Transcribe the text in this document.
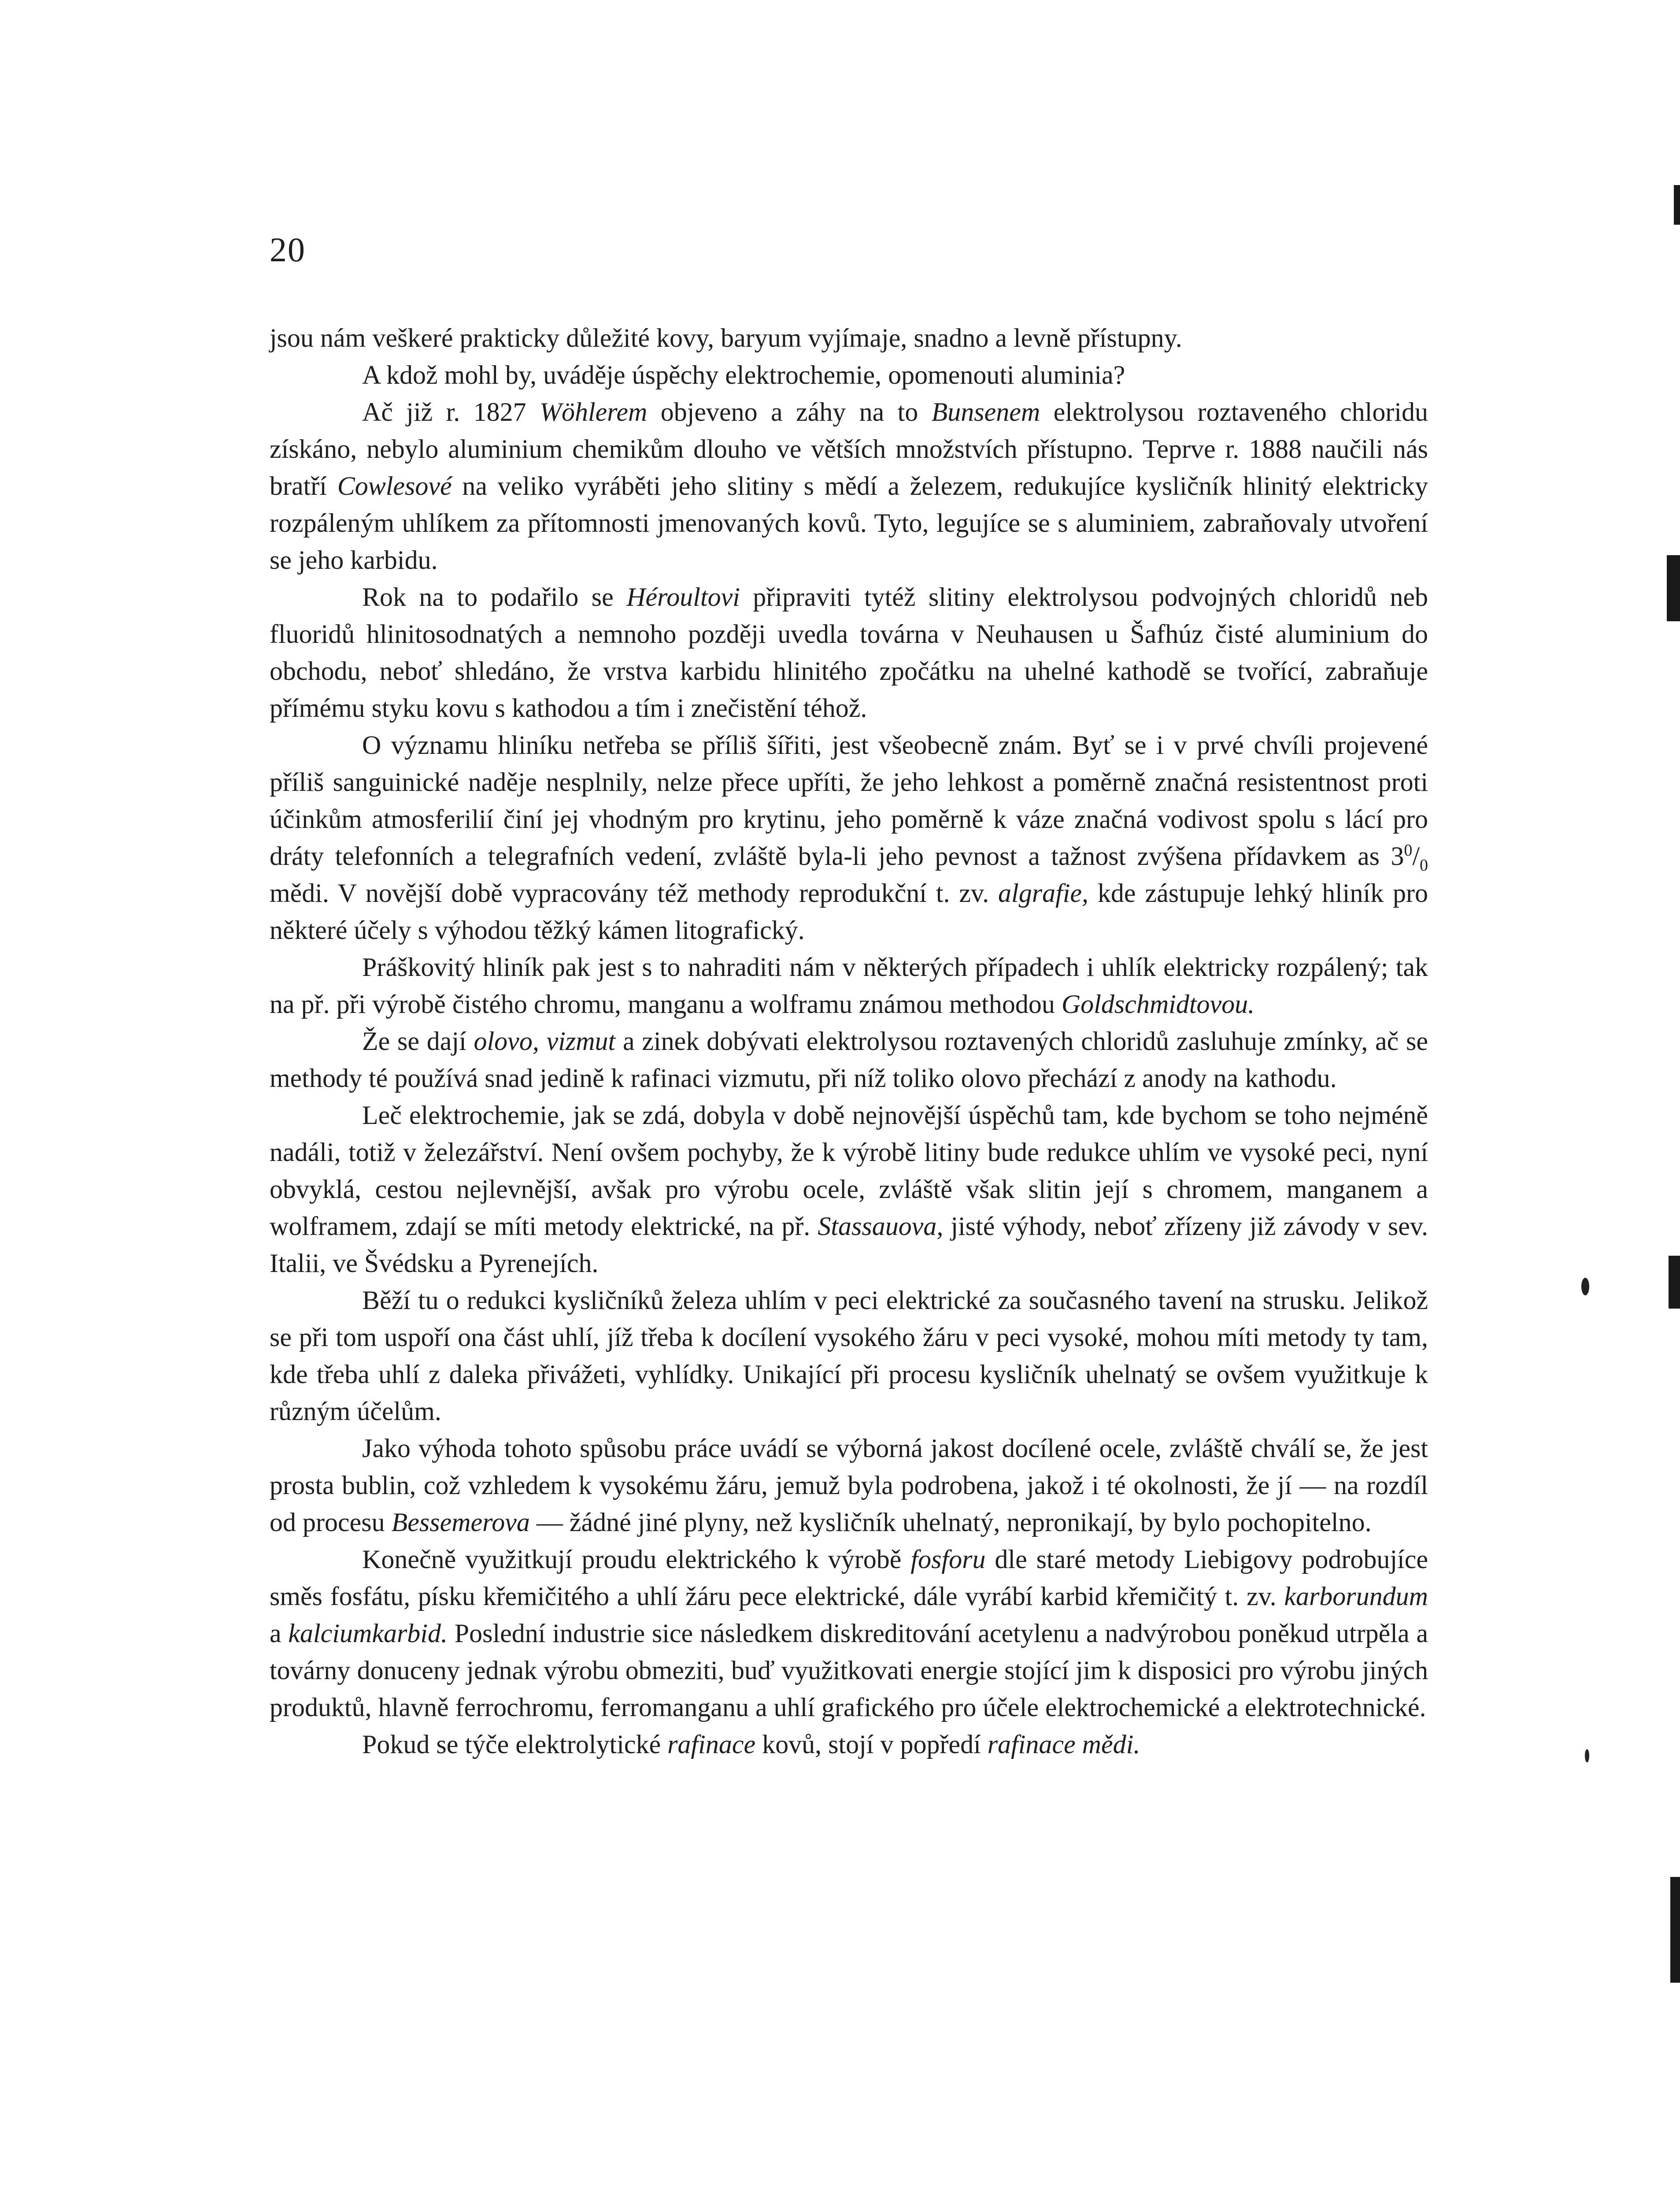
20

jsou nám veškeré prakticky důležité kovy, baryum vyjímaje, snadno a levně přístupny.

A kdož mohl by, uváděje úspěchy elektrochemie, opomenouti aluminia?

Ač již r. 1827 Wöhlerem objeveno a záhy na to Bunsenem elektrolysou roztaveného chloridu získáno, nebylo aluminium chemikům dlouho ve větších množstvích přístupno. Teprve r. 1888 naučili nás bratří Cowlesové na veliko vyráběti jeho slitiny s mědí a železem, redukujíce kysličník hlinitý elektricky rozpáleným uhlíkem za přítomnosti jmenovaných kovů. Tyto, legujíce se s aluminiem, zabraňovaly utvoření se jeho karbidu.

Rok na to podařilo se Héroultovi připraviti tytéž slitiny elektrolysou podvojných chloridů neb fluoridů hlinitosodnatých a nemnoho později uvedla továrna v Neuhausen u Šafhúz čisté aluminium do obchodu, neboť shledáno, že vrstva karbidu hlinitého zpočátku na uhelné kathodě se tvořící, zabraňuje přímému styku kovu s kathodou a tím i znečistění téhož.

O významu hliníku netřeba se příliš šířiti, jest všeobecně znám. Byť se i v prvé chvíli projevené příliš sanguinické naděje nesplnily, nelze přece upříti, že jeho lehkost a poměrně značná resistentnost proti účinkům atmosferilií činí jej vhodným pro krytinu, jeho poměrně k váze značná vodivost spolu s lácí pro dráty telefonních a telegrafních vedení, zvláště byla-li jeho pevnost a tažnost zvýšena přídavkem as $3^0/_0$ mědi. V novější době vypracovány též methody reprodukční t. zv. algrafie, kde zástupuje lehký hliník pro některé účely s výhodou těžký kámen litografický.

Práškovitý hliník pak jest s to nahraditi nám v některých případech i uhlík elektricky rozpálený; tak na př. při výrobě čistého chromu, manganu a wolframu známou methodou Goldschmidtovou.

Že se dají olovo, vizmut a zinek dobývati elektrolysou roztavených chloridů zasluhuje zmínky, ač se methody té používá snad jedině k rafinaci vizmutu, při níž toliko olovo přechází z anody na kathodu.

Leč elektrochemie, jak se zdá, dobyla v době nejnovější úspěchů tam, kde bychom se toho nejméně nadáli, totiž v železářství. Není ovšem pochyby, že k výrobě litiny bude redukce uhlím ve vysoké peci, nyní obvyklá, cestou nejlevnější, avšak pro výrobu ocele, zvláště však slitin její s chromem, manganem a wolframem, zdají se míti metody elektrické, na př. Stassauova, jisté výhody, neboť zřízeny již závody v sev. Italii, ve Švédsku a Pyrenejích.

Běží tu o redukci kysličníků železa uhlím v peci elektrické za současného tavení na strusku. Jelikož se při tom uspoří ona část uhlí, jíž třeba k docílení vysokého žáru v peci vysoké, mohou míti metody ty tam, kde třeba uhlí z daleka přivážeti, vyhlídky. Unikající při procesu kysličník uhelnatý se ovšem využitkuje k různým účelům.

Jako výhoda tohoto spůsobu práce uvádí se výborná jakost docílené ocele, zvláště chválí se, že jest prosta bublin, což vzhledem k vysokému žáru, jemuž byla podrobena, jakož i té okolnosti, že jí — na rozdíl od procesu Bessemerova — žádné jiné plyny, než kysličník uhelnatý, nepronikají, by bylo pochopitelno.

Konečně využitkují proudu elektrického k výrobě fosforu dle staré metody Liebigovy podrobujíce směs fosfátu, písku křemičitého a uhlí žáru pece elektrické, dále vyrábí karbid křemičitý t. zv. karborundum a kalciumkarbid. Poslední industrie sice následkem diskreditování acetylenu a nadvýrobou poněkud utrpěla a továrny donuceny jednak výrobu obmeziti, buď využitkovati energie stojící jim k disposici pro výrobu jiných produktů, hlavně ferrochromu, ferromanganu a uhlí grafického pro účele elektrochemické a elektrotechnické.

Pokud se týče elektrolytické rafinace kovů, stojí v popředí rafinace mědi.
